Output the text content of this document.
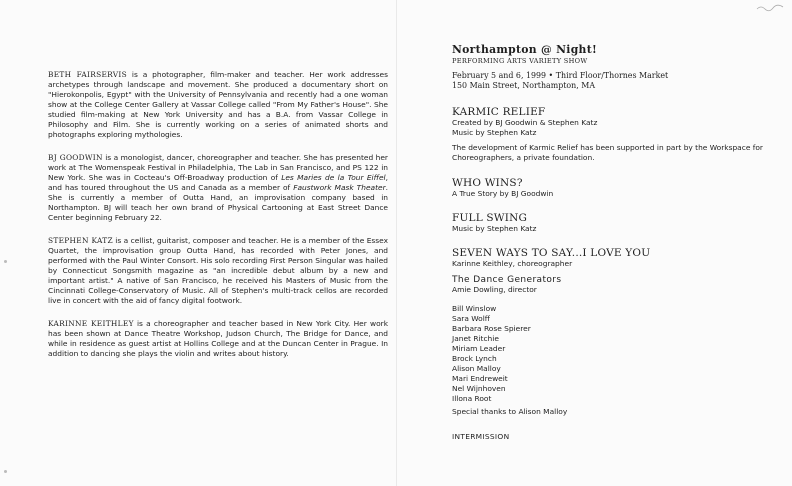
BETH FAIRSERVIS is a photographer, film-maker and teacher. Her work addresses archetypes through landscape and movement. She produced a documentary short on "Hierokonpolis, Egypt" with the University of Pennsylvania and recently had a one woman show at the College Center Gallery at Vassar College called "From My Father's House". She studied film-making at New York University and has a B.A. from Vassar College in Philosophy and Film. She is currently working on a series of animated shorts and photographs exploring mythologies.

BJ GOODWIN is a monologist, dancer, choreographer and teacher. She has presented her work at The Womenspeak Festival in Philadelphia, The Lab in San Francisco, and PS 122 in New York. She was in Cocteau's Off-Broadway production of Les Maries de la Tour Eiffel, and has toured throughout the US and Canada as a member of Faustwork Mask Theater. She is currently a member of Outta Hand, an improvisation company based in Northampton. BJ will teach her own brand of Physical Cartooning at East Street Dance Center beginning February 22.

STEPHEN KATZ is a cellist, guitarist, composer and teacher. He is a member of the Essex Quartet, the improvisation group Outta Hand, has recorded with Peter Jones, and performed with the Paul Winter Consort. His solo recording First Person Singular was hailed by Connecticut Songsmith magazine as "an incredible debut album by a new and important artist." A native of San Francisco, he received his Masters of Music from the Cincinnati College-Conservatory of Music. All of Stephen's multi-track cellos are recorded live in concert with the aid of fancy digital footwork.

KARINNE KEITHLEY is a choreographer and teacher based in New York City. Her work has been shown at Dance Theatre Workshop, Judson Church, The Bridge for Dance, and while in residence as guest artist at Hollins College and at the Duncan Center in Prague. In addition to dancing she plays the violin and writes about history.

Northampton @ Night!
PERFORMING ARTS VARIETY SHOW
February 5 and 6, 1999 • Third Floor/Thornes Market
150 Main Street, Northampton, MA
KARMIC RELIEF
Created by BJ Goodwin & Stephen Katz
Music by Stephen Katz
The development of Karmic Relief has been supported in part by the Workspace for Choreographers, a private foundation.
WHO WINS?
A True Story by BJ Goodwin
FULL SWING
Music by Stephen Katz
SEVEN WAYS TO SAY...I LOVE YOU
Karinne Keithley, choreographer
The Dance Generators
Amie Dowling, director
Bill Winslow
Sara Wolff
Barbara Rose Spierer
Janet Ritchie
Miriam Leader
Brock Lynch
Alison Malloy
Mari Endreweit
Nel Wijnhoven
Illona Root
Special thanks to Alison Malloy
INTERMISSION
